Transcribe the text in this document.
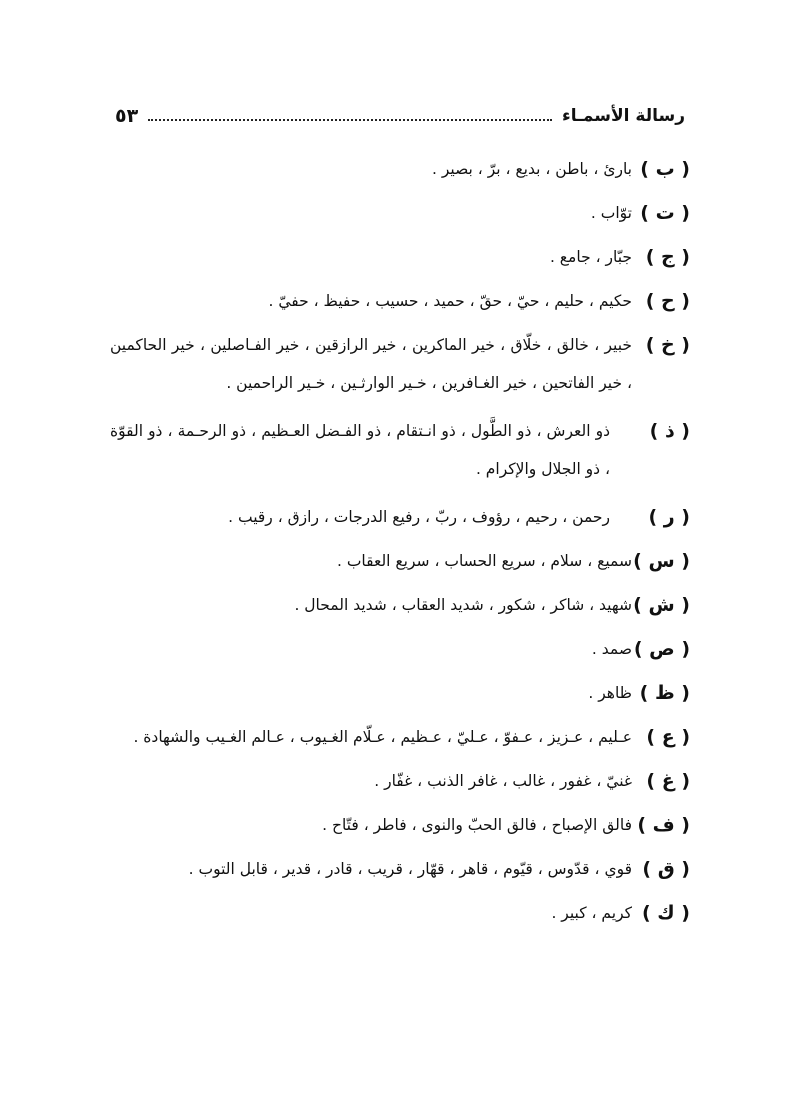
رسالة الأسمـاء
٥٣
( ب )
بارئ ، باطن ، بديع ، برّ ، بصير .
( ت )
توّاب .
( ج )
جبّار ، جامع .
( ح )
حكيم ، حليم ، حيّ ، حقّ ، حميد ، حسيب ، حفيظ ، حفيّ .
( خ )
خبير ، خالق ، خلّاق ، خير الماكرين ، خير الرازقين ، خير الفـاصلين ، خير الحاكمين ، خير الفاتحين ، خير الغـافرين ، خـير الوارثـين ، خـير الراحمين .
( ذ )
ذو العرش ، ذو الطَّول ، ذو انـتقام ، ذو الفـضل العـظيم ، ذو الرحـمة ، ذو القوّة ، ذو الجلال والإكرام .
( ر )
رحمن ، رحيم ، رؤوف ، ربّ ، رفيع الدرجات ، رازق ، رقيب .
( س )
سميع ، سلام ، سريع الحساب ، سريع العقاب .
( ش )
شهيد ، شاكر ، شكور ، شديد العقاب ، شديد المحال .
( ص )
صمد .
( ظ )
ظاهر .
( ع )
عـليم ، عـزيز ، عـفوّ ، عـليّ ، عـظيم ، عـلّام الغـيوب ، عـالم الغـيب والشهادة .
( غ )
غنيّ ، غفور ، غالب ، غافر الذنب ، غفّار .
( ف )
فالق الإصباح ، فالق الحبّ والنوى ، فاطر ، فتّاح .
( ق )
قوي ، قدّوس ، قيّوم ، قاهر ، قهّار ، قريب ، قادر ، قدير ، قابل التوب .
( ك )
كريم ، كبير .
